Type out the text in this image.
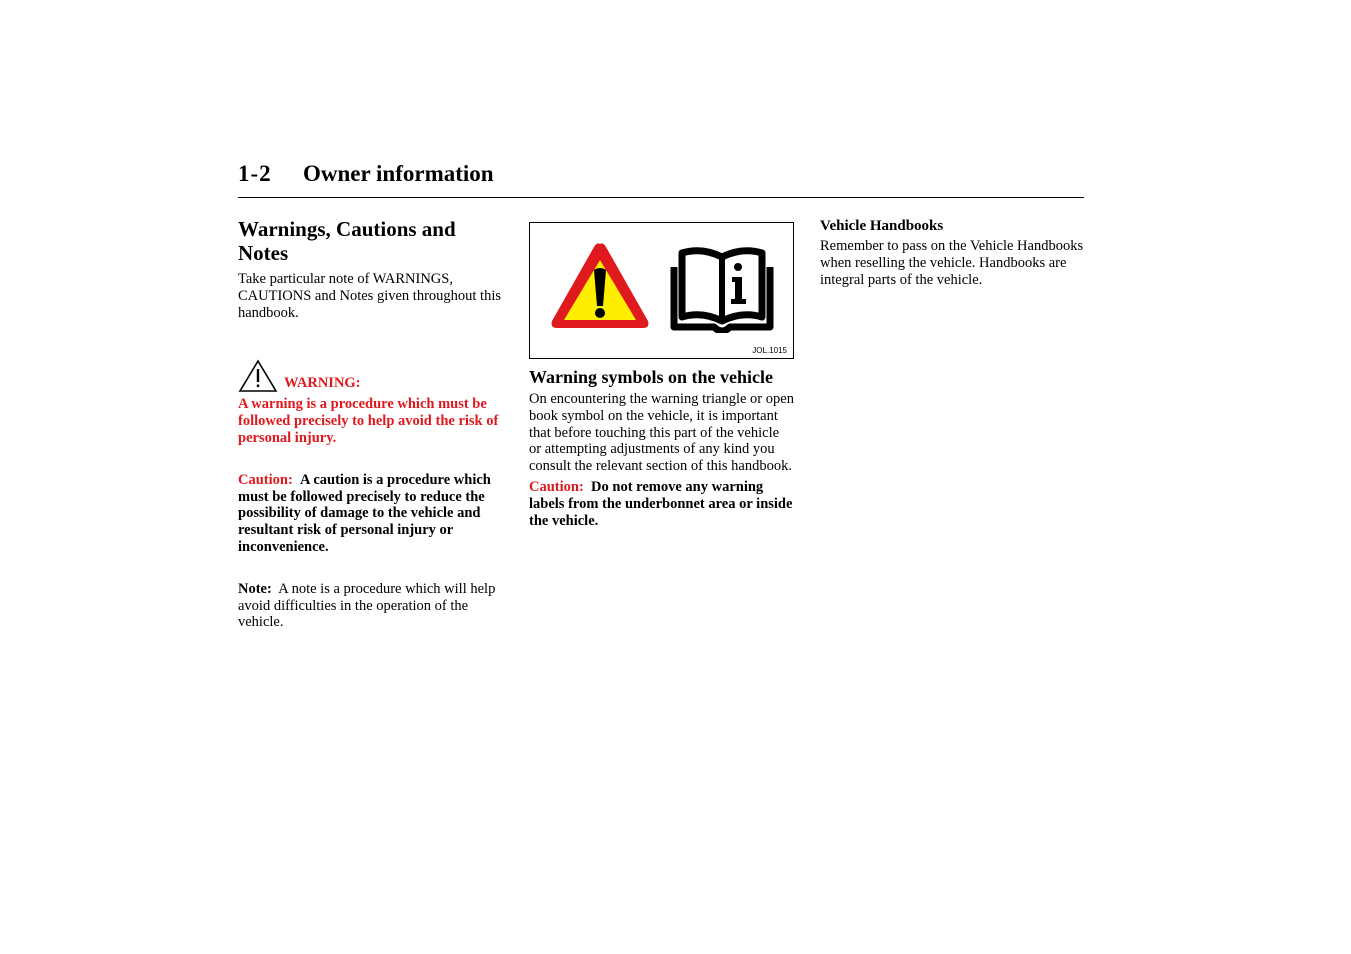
1-2 Owner information
Warnings, Cautions and Notes

Take particular note of WARNINGS, CAUTIONS and Notes given throughout this handbook.

WARNING:

A warning is a procedure which must be followed precisely to help avoid the risk of personal injury.

Caution: A caution is a procedure which must be followed precisely to reduce the possibility of damage to the vehicle and resultant risk of personal injury or inconvenience.

Note: A note is a procedure which will help avoid difficulties in the operation of the vehicle.

JOL.1015
Warning symbols on the vehicle

On encountering the warning triangle or open book symbol on the vehicle, it is important that before touching this part of the vehicle or attempting adjustments of any kind you consult the relevant section of this handbook.

Caution: Do not remove any warning labels from the underbonnet area or inside the vehicle.

Vehicle Handbooks

Remember to pass on the Vehicle Handbooks when reselling the vehicle. Handbooks are integral parts of the vehicle.
